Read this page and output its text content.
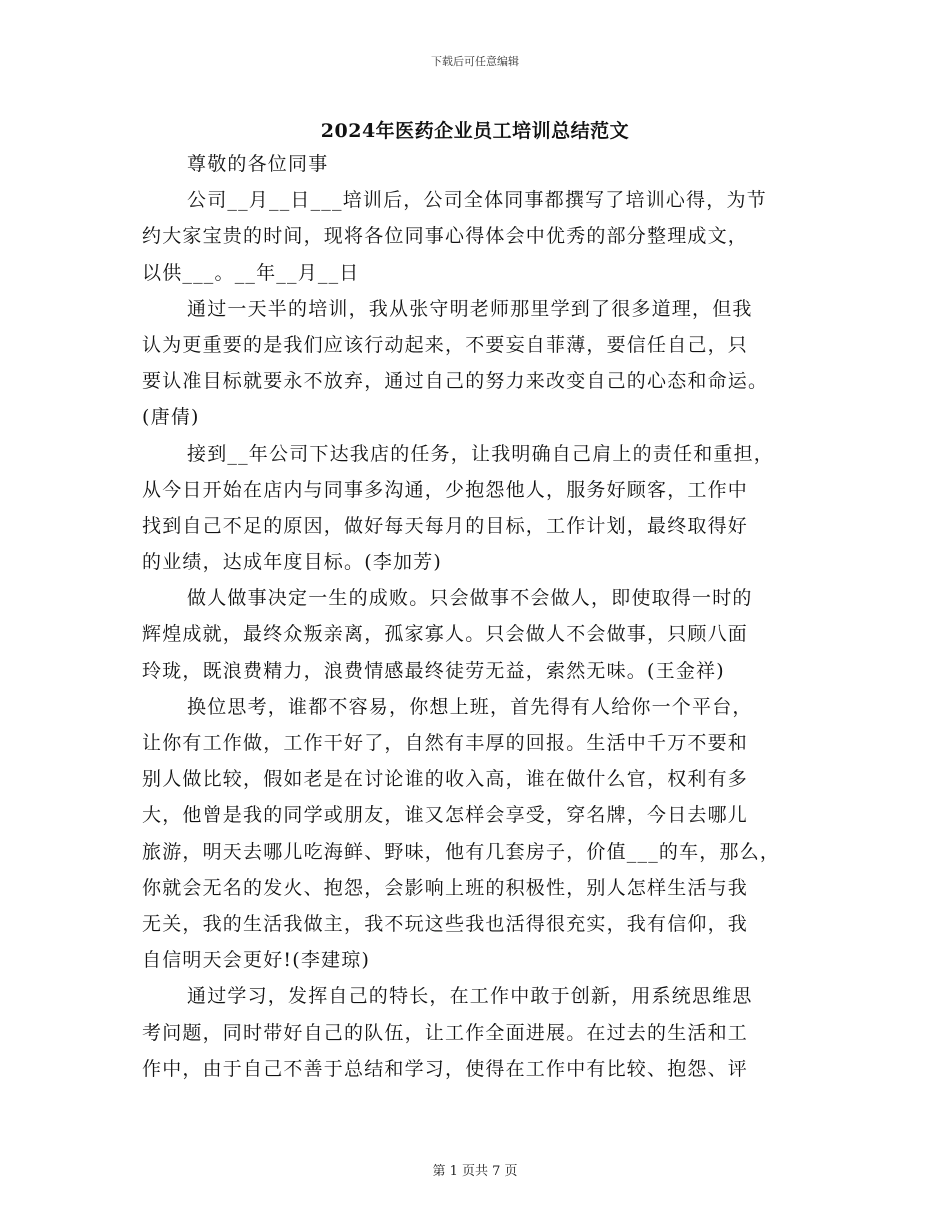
下载后可任意编辑
2024年医药企业员工培训总结范文
尊敬的各位同事
公司__月__日___培训后，公司全体同事都撰写了培训心得，为节
约大家宝贵的时间，现将各位同事心得体会中优秀的部分整理成文，
以供___。__年__月__日
通过一天半的培训，我从张守明老师那里学到了很多道理，但我
认为更重要的是我们应该行动起来，不要妄自菲薄，要信任自己，只
要认准目标就要永不放弃，通过自己的努力来改变自己的心态和命运。
(唐倩)
接到__年公司下达我店的任务，让我明确自己肩上的责任和重担，
从今日开始在店内与同事多沟通，少抱怨他人，服务好顾客，工作中
找到自己不足的原因，做好每天每月的目标，工作计划，最终取得好
的业绩，达成年度目标。(李加芳)
做人做事决定一生的成败。只会做事不会做人，即使取得一时的
辉煌成就，最终众叛亲离，孤家寡人。只会做人不会做事，只顾八面
玲珑，既浪费精力，浪费情感最终徒劳无益，索然无味。(王金祥)
换位思考，谁都不容易，你想上班，首先得有人给你一个平台，
让你有工作做，工作干好了，自然有丰厚的回报。生活中千万不要和
别人做比较，假如老是在讨论谁的收入高，谁在做什么官，权利有多
大，他曾是我的同学或朋友，谁又怎样会享受，穿名牌，今日去哪儿
旅游，明天去哪儿吃海鲜、野味，他有几套房子，价值___的车，那么，
你就会无名的发火、抱怨，会影响上班的积极性，别人怎样生活与我
无关，我的生活我做主，我不玩这些我也活得很充实，我有信仰，我
自信明天会更好!(李建琼)
通过学习，发挥自己的特长，在工作中敢于创新，用系统思维思
考问题，同时带好自己的队伍，让工作全面进展。在过去的生活和工
作中，由于自己不善于总结和学习，使得在工作中有比较、抱怨、评
第 1 页共 7 页
